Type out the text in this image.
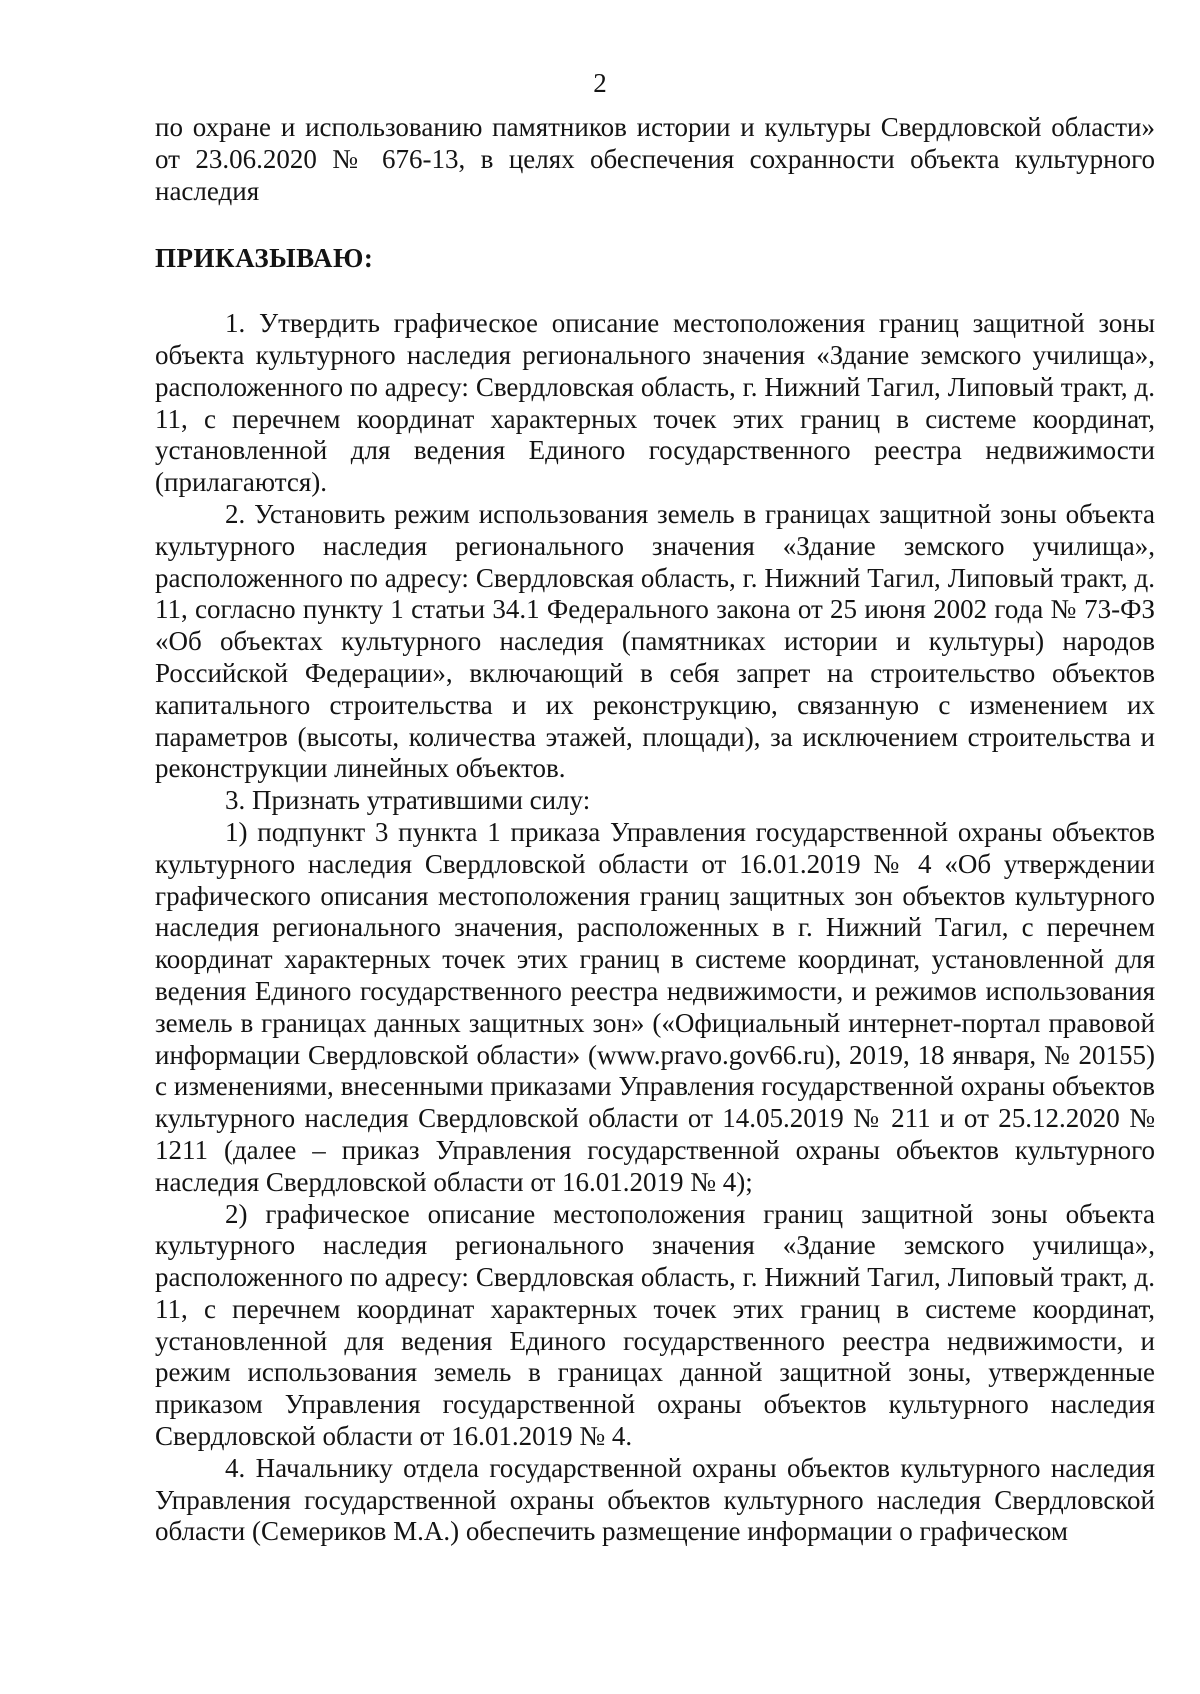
2

по охране и использованию памятников истории и культуры Свердловской области» от 23.06.2020 № 676-13, в целях обеспечения сохранности объекта культурного наследия

ПРИКАЗЫВАЮ:

1. Утвердить графическое описание местоположения границ защитной зоны объекта культурного наследия регионального значения «Здание земского училища», расположенного по адресу: Свердловская область, г. Нижний Тагил, Липовый тракт, д. 11, с перечнем координат характерных точек этих границ в системе координат, установленной для ведения Единого государственного реестра недвижимости (прилагаются).

2. Установить режим использования земель в границах защитной зоны объекта культурного наследия регионального значения «Здание земского училища», расположенного по адресу: Свердловская область, г. Нижний Тагил, Липовый тракт, д. 11, согласно пункту 1 статьи 34.1 Федерального закона от 25 июня 2002 года № 73-ФЗ «Об объектах культурного наследия (памятниках истории и культуры) народов Российской Федерации», включающий в себя запрет на строительство объектов капитального строительства и их реконструкцию, связанную с изменением их параметров (высоты, количества этажей, площади), за исключением строительства и реконструкции линейных объектов.

3. Признать утратившими силу:

1) подпункт 3 пункта 1 приказа Управления государственной охраны объектов культурного наследия Свердловской области от 16.01.2019 № 4 «Об утверждении графического описания местоположения границ защитных зон объектов культурного наследия регионального значения, расположенных в г. Нижний Тагил, с перечнем координат характерных точек этих границ в системе координат, установленной для ведения Единого государственного реестра недвижимости, и режимов использования земель в границах данных защитных зон» («Официальный интернет-портал правовой информации Свердловской области» (www.pravo.gov66.ru), 2019, 18 января, № 20155) с изменениями, внесенными приказами Управления государственной охраны объектов культурного наследия Свердловской области от 14.05.2019 № 211 и от 25.12.2020 № 1211 (далее – приказ Управления государственной охраны объектов культурного наследия Свердловской области от 16.01.2019 № 4);

2) графическое описание местоположения границ защитной зоны объекта культурного наследия регионального значения «Здание земского училища», расположенного по адресу: Свердловская область, г. Нижний Тагил, Липовый тракт, д. 11, с перечнем координат характерных точек этих границ в системе координат, установленной для ведения Единого государственного реестра недвижимости, и режим использования земель в границах данной защитной зоны, утвержденные приказом Управления государственной охраны объектов культурного наследия Свердловской области от 16.01.2019 № 4.

4. Начальнику отдела государственной охраны объектов культурного наследия Управления государственной охраны объектов культурного наследия Свердловской области (Семериков М.А.) обеспечить размещение информации о графическом
